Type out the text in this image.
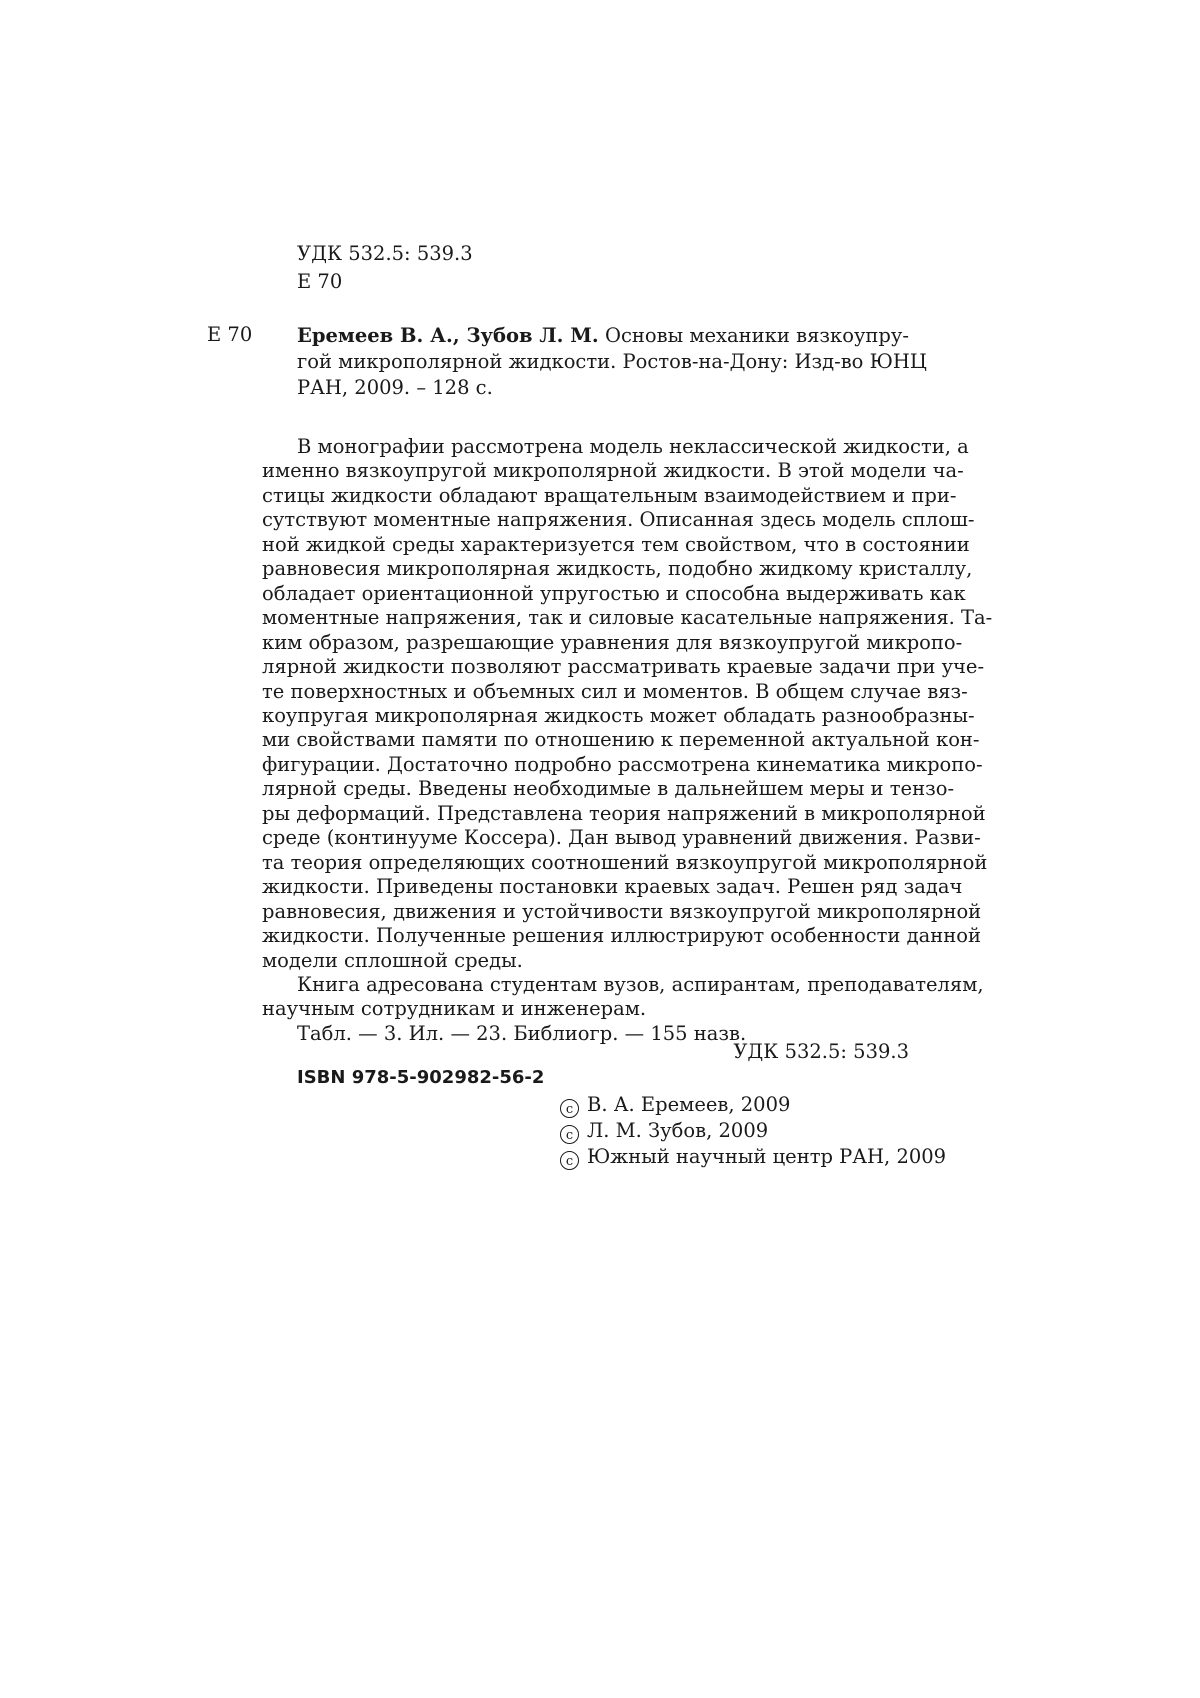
УДК 532.5: 539.3
Е 70
Е 70 Еремеев В. А., Зубов Л. М. Основы механики вязкоупру-
гой микрополярной жидкости. Ростов-на-Дону: Изд-во ЮНЦ
РАН, 2009. – 128 с.
В монографии рассмотрена модель неклассической жидкости, а
именно вязкоупругой микрополярной жидкости. В этой модели ча-
стицы жидкости обладают вращательным взаимодействием и при-
сутствуют моментные напряжения. Описанная здесь модель сплош-
ной жидкой среды характеризуется тем свойством, что в состоянии
равновесия микрополярная жидкость, подобно жидкому кристаллу,
обладает ориентационной упругостью и способна выдерживать как
моментные напряжения, так и силовые касательные напряжения. Та-
ким образом, разрешающие уравнения для вязкоупругой микропо-
лярной жидкости позволяют рассматривать краевые задачи при уче-
те поверхностных и объемных сил и моментов. В общем случае вяз-
коупругая микрополярная жидкость может обладать разнообразны-
ми свойствами памяти по отношению к переменной актуальной кон-
фигурации. Достаточно подробно рассмотрена кинематика микропо-
лярной среды. Введены необходимые в дальнейшем меры и тензо-
ры деформаций. Представлена теория напряжений в микрополярной
среде (континууме Коссера). Дан вывод уравнений движения. Разви-
та теория определяющих соотношений вязкоупругой микрополярной
жидкости. Приведены постановки краевых задач. Решен ряд задач
равновесия, движения и устойчивости вязкоупругой микрополярной
жидкости. Полученные решения иллюстрируют особенности данной
модели сплошной среды.
Книга адресована студентам вузов, аспирантам, преподавателям,
научным сотрудникам и инженерам.
Табл. — 3. Ил. — 23. Библиогр. — 155 назв.
УДК 532.5: 539.3
ISBN 978-5-902982-56-2
c В. А. Еремеев, 2009
c Л. М. Зубов, 2009
c Южный научный центр РАН, 2009
